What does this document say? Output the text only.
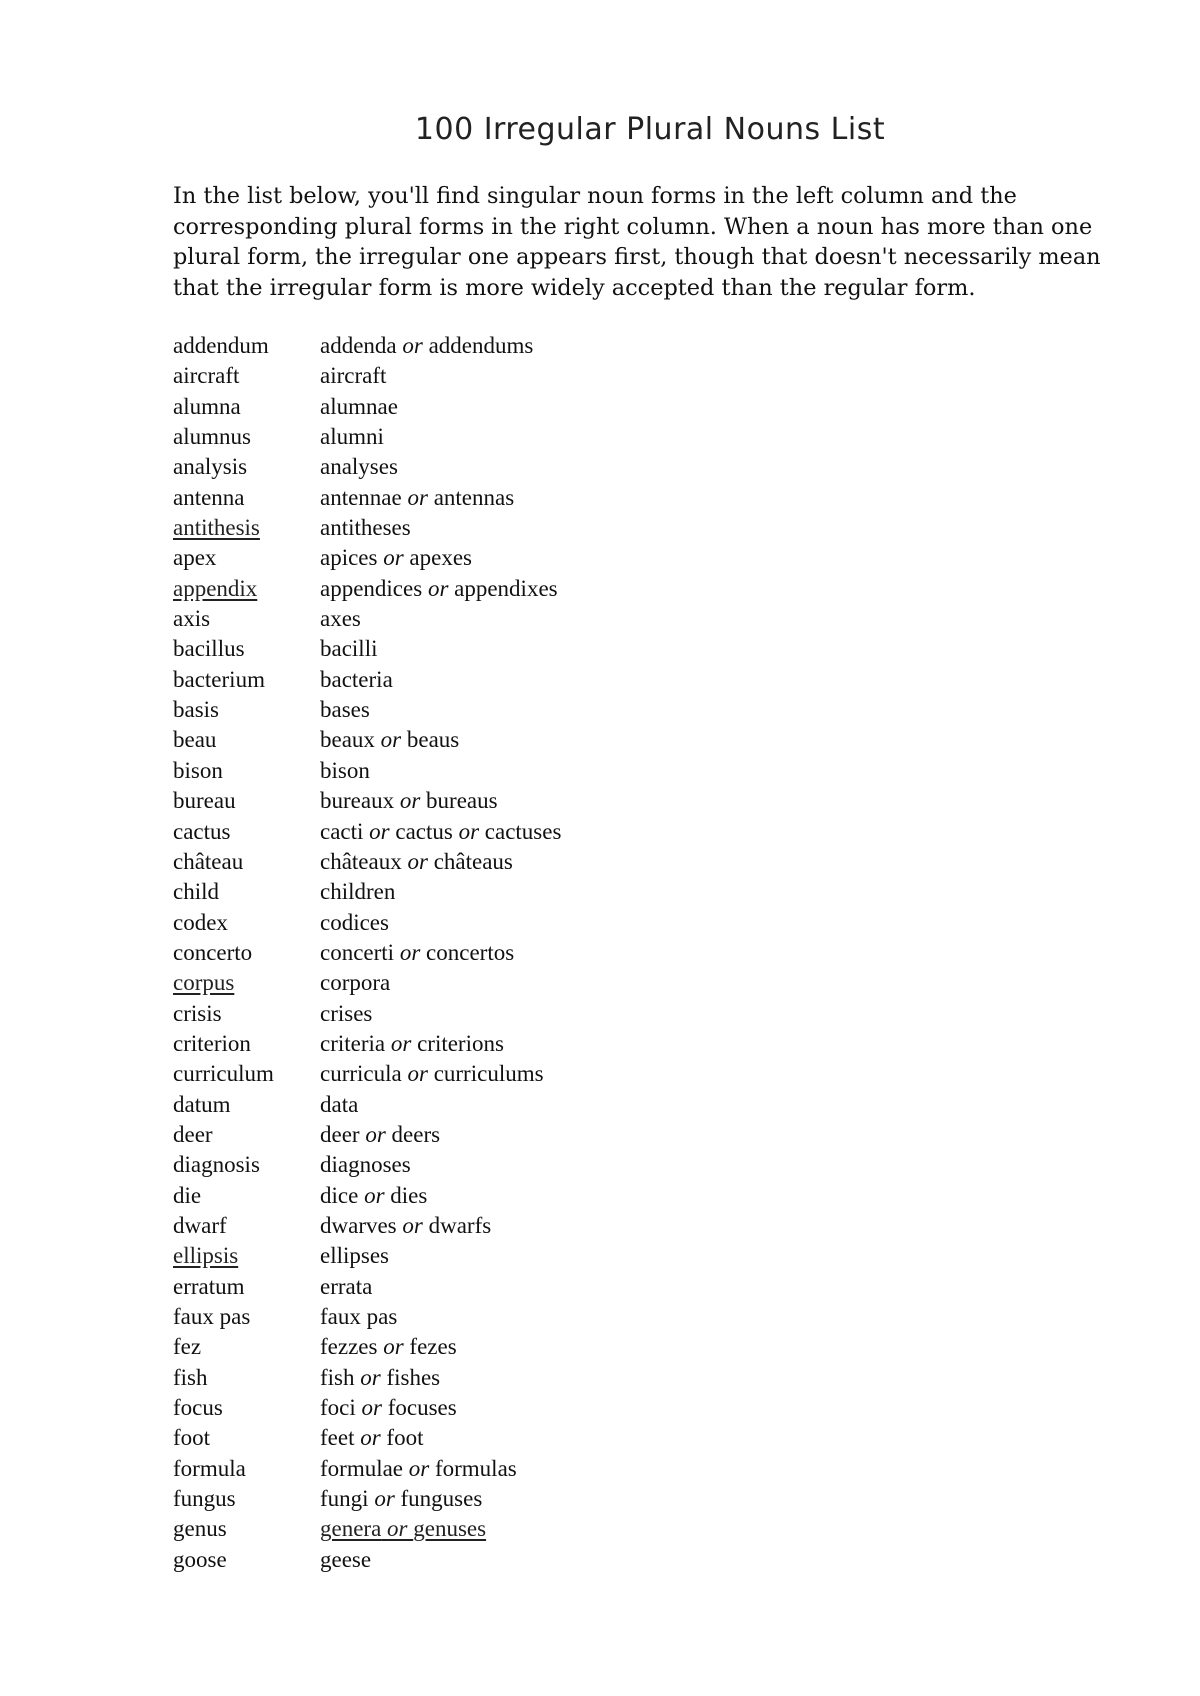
100 Irregular Plural Nouns List

In the list below, you'll find singular noun forms in the left column and the corresponding plural forms in the right column. When a noun has more than one plural form, the irregular one appears first, though that doesn't necessarily mean that the irregular form is more widely accepted than the regular form.

addendum	addenda or addendums
aircraft	aircraft
alumna	alumnae
alumnus	alumni
analysis	analyses
antenna	antennae or antennas
antithesis	antitheses
apex	apices or apexes
appendix	appendices or appendixes
axis	axes
bacillus	bacilli
bacterium	bacteria
basis	bases
beau	beaux or beaus
bison	bison
bureau	bureaux or bureaus
cactus	cacti or cactus or cactuses
château	châteaux or châteaus
child	children
codex	codices
concerto	concerti or concertos
corpus	corpora
crisis	crises
criterion	criteria or criterions
curriculum	curricula or curriculums
datum	data
deer	deer or deers
diagnosis	diagnoses
die	dice or dies
dwarf	dwarves or dwarfs
ellipsis	ellipses
erratum	errata
faux pas	faux pas
fez	fezzes or fezes
fish	fish or fishes
focus	foci or focuses
foot	feet or foot
formula	formulae or formulas
fungus	fungi or funguses
genus	genera or genuses
goose	geese
